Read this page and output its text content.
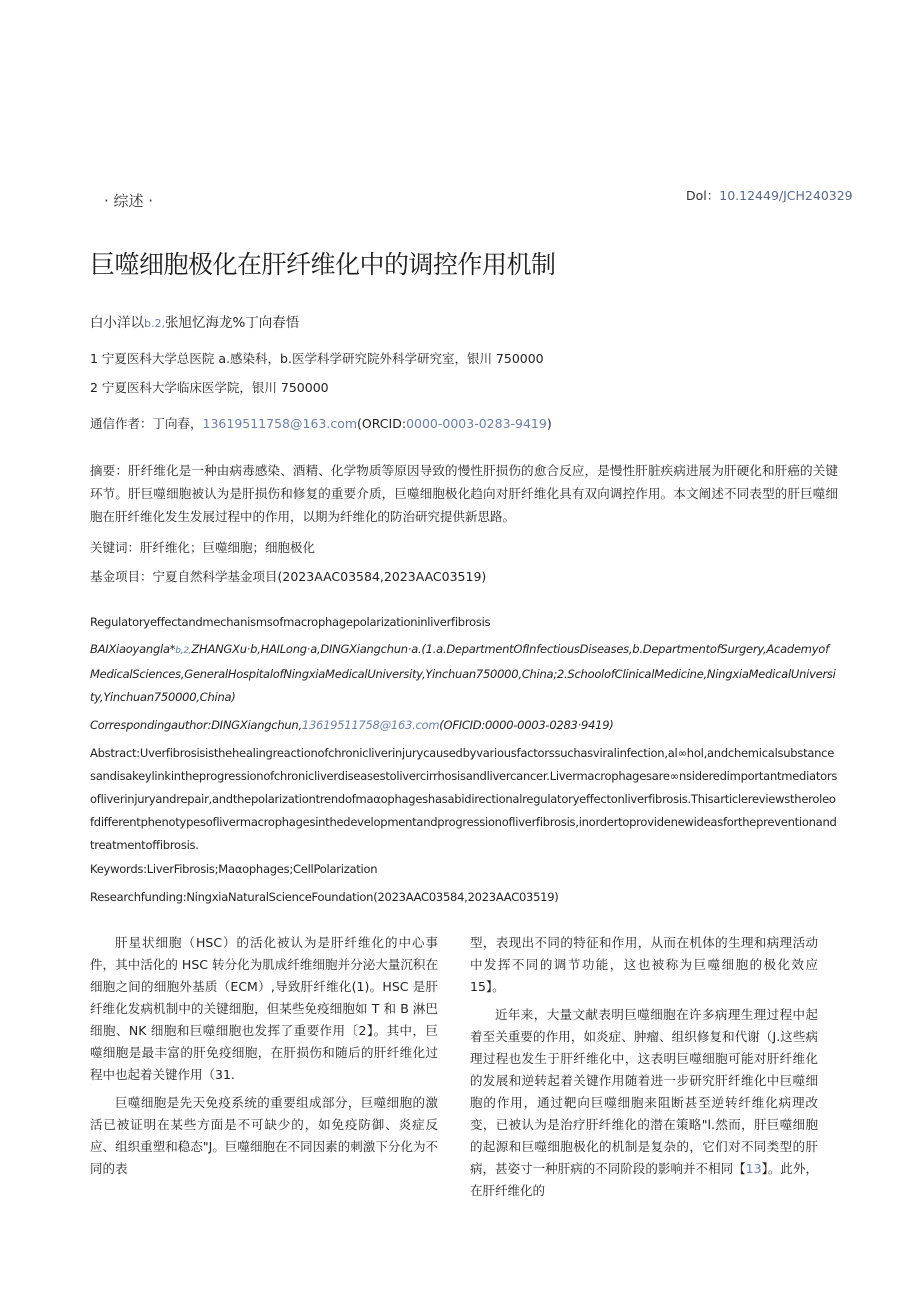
· 综述 ·	Dol：10.12449/JCH240329
巨噬细胞极化在肝纤维化中的调控作用机制
白小洋以b.2,张旭忆海龙%丁向春悟
1 宁夏医科大学总医院 a.感染科，b.医学科学研究院外科学研究室，银川 750000
2 宁夏医科大学临床医学院，银川 750000
通信作者：丁向春，13619511758@163.com(ORCID:0000-0003-0283-9419)
摘要：肝纤维化是一种由病毒感染、酒精、化学物质等原因导致的慢性肝损伤的愈合反应，是慢性肝脏疾病进展为肝硬化和肝癌的关键环节。肝巨噬细胞被认为是肝损伤和修复的重要介质，巨噬细胞极化趋向对肝纤维化具有双向调控作用。本文阐述不同表型的肝巨噬细胞在肝纤维化发生发展过程中的作用，以期为纤维化的防治研究提供新思路。
关键词：肝纤维化；巨噬细胞；细胞极化
基金项目：宁夏自然科学基金项目(2023AAC03584,2023AAC03519)
Regulatoryeffectandmechanismsofmacrophagepolarizationinliverfibrosis
BAIXiaoyangla*b,2,ZHANGXu·b,HAILong·a,DINGXiangchun·a.(1.a.DepartmentOfInfectiousDiseases,b.DepartmentofSurgery,AcademyofMedicalSciences,GeneralHospitalofNingxiaMedicalUniversity,Yinchuan750000,China;2.SchoolofClinicalMedicine,NingxiaMedicalUniversity,Yinchuan750000,China)
Correspondingauthor:DINGXiangchun,13619511758@163.com(OFICID:0000-0003-0283·9419)
Abstract:Uverfibrosisisthehealingreactionofchronicliverinjurycausedbyvariousfactorssuchasviralinfection,al∞hol,andchemicalsubstancesandisakeylinkintheprogressionofchronicliverdiseasestolivercirrhosisandlivercancer.Livermacrophagesare∞nsideredimportantmediatorsofliverinjuryandrepair,andthepolarizationtrendofmaαophageshasabidirectionalregulatoryeffectonliverfibrosis.Thisarticlereviewstheroleofdifferentphenotypesoflivermacrophagesinthedevelopmentandprogressionofliverfibrosis,inordertoprovidenewideasforthepreventionandtreatmentoffibrosis.
Keywords:LiverFibrosis;Maαophages;CellPolarization
Researchfunding:NingxiaNaturalScienceFoundation(2023AAC03584,2023AAC03519)

肝星状细胞（HSC）的活化被认为是肝纤维化的中心事件，其中活化的 HSC 转分化为肌成纤维细胞并分泌大量沉积在细胞之间的细胞外基质（ECM）,导致肝纤维化(1)。HSC 是肝纤维化发病机制中的关键细胞，但某些免疫细胞如 T 和 B 淋巴细胞、NK 细胞和巨噬细胞也发挥了重要作用〔2】。其中，巨噬细胞是最丰富的肝免疫细胞，在肝损伤和随后的肝纤维化过程中也起着关键作用（31.

巨噬细胞是先天免疫系统的重要组成部分，巨噬细胞的激活已被证明在某些方面是不可缺少的，如免疫防御、炎症反应、组织重塑和稳态"J。巨噬细胞在不同因素的刺激下分化为不同的表

型，表现出不同的特征和作用，从而在机体的生理和病理活动中发挥不同的调节功能，这也被称为巨噬细胞的极化效应 15】。

近年来，大量文献表明巨噬细胞在许多病理生理过程中起着至关重要的作用，如炎症、肿瘤、组织修复和代谢（J.这些病理过程也发生于肝纤维化中，这表明巨噬细胞可能对肝纤维化的发展和逆转起着关键作用随着进一步研究肝纤维化中巨噬细胞的作用，通过靶向巨噬细胞来阻断甚至逆转纤维化病理改变，已被认为是治疗肝纤维化的潜在策略"l.然而，肝巨噬细胞的起源和巨噬细胞极化的机制是复杂的，它们对不同类型的肝病，甚姿寸一种肝病的不同阶段的影响并不相同【13】。此外，在肝纤维化的
